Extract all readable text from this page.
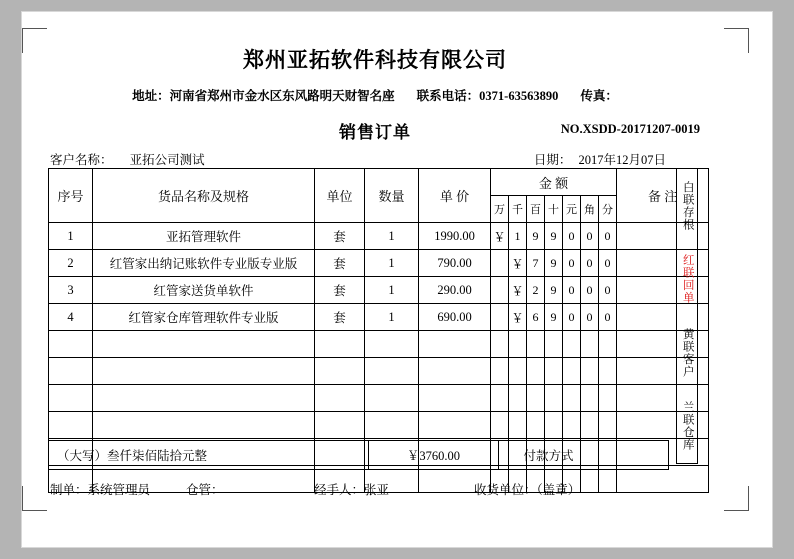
郑州亚拓软件科技有限公司
地址： 河南省郑州市金水区东风路明天财智名座 联系电话： 0371-63563890 传真：
销售订单	NO.XSDD-20171207-0019
客户名称： 亚拓公司测试	日期： 2017年12月07日
序号	货品名称及规格	单位	数量	单 价	金 额							备 注
					万	千	百	十	元	角	分	
1	亚拓管理软件	套	1	1990.00	￥	1	9	9	0	0	0	
2	红管家出纳记账软件专业版专业版	套	1	790.00		￥	7	9	0	0	0	
3	红管家送货单软件	套	1	290.00		￥	2	9	0	0	0	
4	红管家仓库管理软件专业版	套	1	690.00		￥	6	9	0	0	0	

白联存根
红联回单
黄联客户
兰联仓库
（大写）叁仟柒佰陆拾元整	￥3760.00	付款方式	
制单：系统管理员	仓管：	经手人：张亚	收货单位：（盖章）
